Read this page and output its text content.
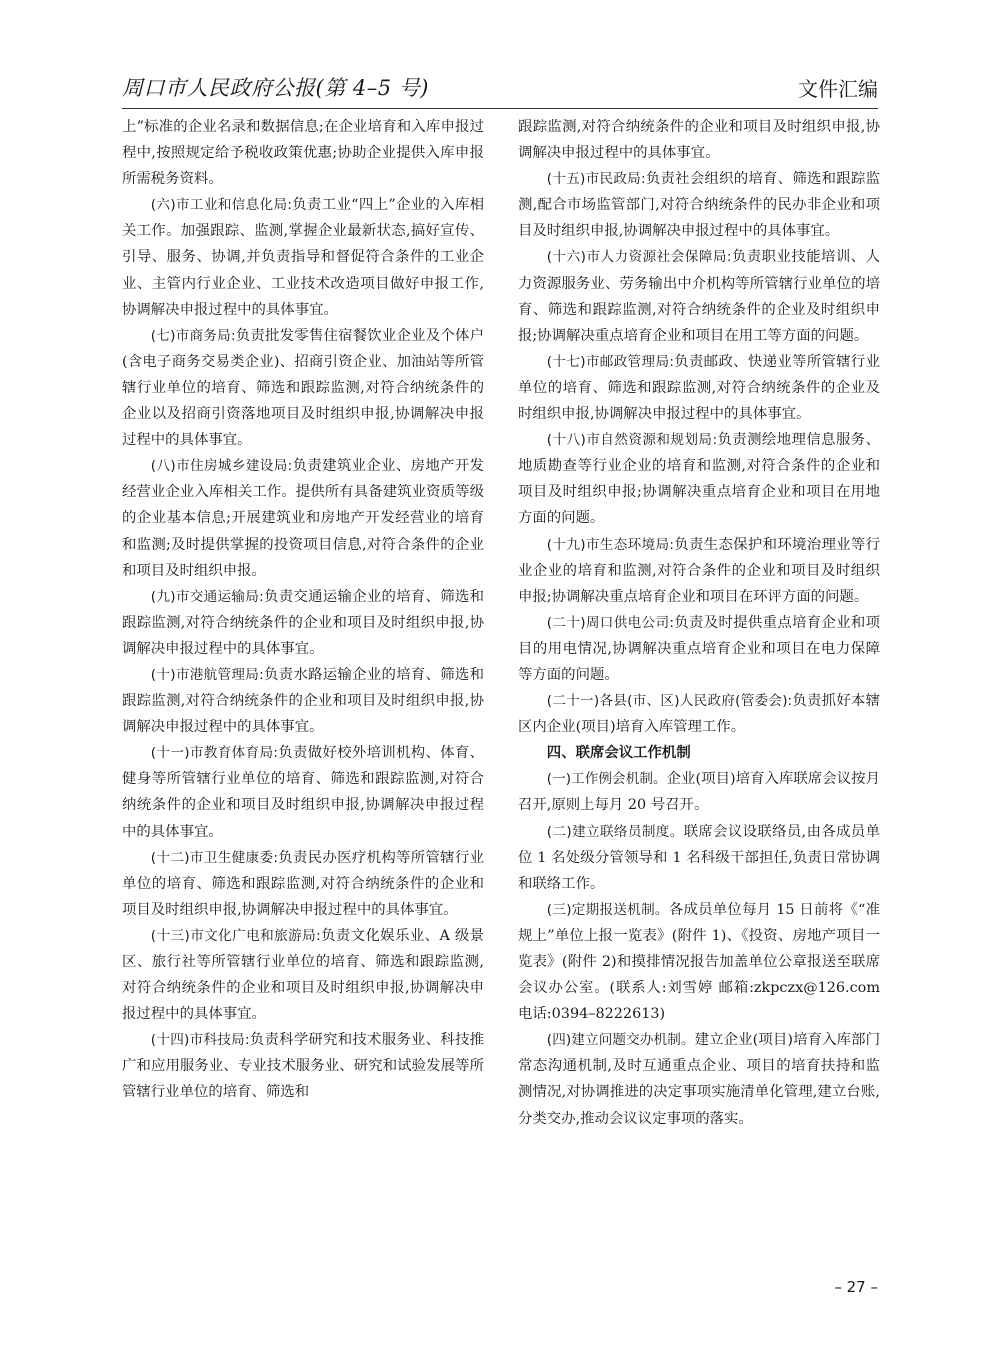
周口市人民政府公报(第 4–5 号)	文件汇编

上”标准的企业名录和数据信息;在企业培育和入库申报过程中,按照规定给予税收政策优惠;协助企业提供入库申报所需税务资料。

(六)市工业和信息化局:负责工业“四上”企业的入库相关工作。加强跟踪、监测,掌握企业最新状态,搞好宣传、引导、服务、协调,并负责指导和督促符合条件的工业企业、主管内行业企业、工业技术改造项目做好申报工作,协调解决申报过程中的具体事宜。

(七)市商务局:负责批发零售住宿餐饮业企业及个体户(含电子商务交易类企业)、招商引资企业、加油站等所管辖行业单位的培育、筛选和跟踪监测,对符合纳统条件的企业以及招商引资落地项目及时组织申报,协调解决申报过程中的具体事宜。

(八)市住房城乡建设局:负责建筑业企业、房地产开发经营业企业入库相关工作。提供所有具备建筑业资质等级的企业基本信息;开展建筑业和房地产开发经营业的培育和监测;及时提供掌握的投资项目信息,对符合条件的企业和项目及时组织申报。

(九)市交通运输局:负责交通运输企业的培育、筛选和跟踪监测,对符合纳统条件的企业和项目及时组织申报,协调解决申报过程中的具体事宜。

(十)市港航管理局:负责水路运输企业的培育、筛选和跟踪监测,对符合纳统条件的企业和项目及时组织申报,协调解决申报过程中的具体事宜。

(十一)市教育体育局:负责做好校外培训机构、体育、健身等所管辖行业单位的培育、筛选和跟踪监测,对符合纳统条件的企业和项目及时组织申报,协调解决申报过程中的具体事宜。

(十二)市卫生健康委:负责民办医疗机构等所管辖行业单位的培育、筛选和跟踪监测,对符合纳统条件的企业和项目及时组织申报,协调解决申报过程中的具体事宜。

(十三)市文化广电和旅游局:负责文化娱乐业、A 级景区、旅行社等所管辖行业单位的培育、筛选和跟踪监测,对符合纳统条件的企业和项目及时组织申报,协调解决申报过程中的具体事宜。

(十四)市科技局:负责科学研究和技术服务业、科技推广和应用服务业、专业技术服务业、研究和试验发展等所管辖行业单位的培育、筛选和

跟踪监测,对符合纳统条件的企业和项目及时组织申报,协调解决申报过程中的具体事宜。

(十五)市民政局:负责社会组织的培育、筛选和跟踪监测,配合市场监管部门,对符合纳统条件的民办非企业和项目及时组织申报,协调解决申报过程中的具体事宜。

(十六)市人力资源社会保障局:负责职业技能培训、人力资源服务业、劳务输出中介机构等所管辖行业单位的培育、筛选和跟踪监测,对符合纳统条件的企业及时组织申报;协调解决重点培育企业和项目在用工等方面的问题。

(十七)市邮政管理局:负责邮政、快递业等所管辖行业单位的培育、筛选和跟踪监测,对符合纳统条件的企业及时组织申报,协调解决申报过程中的具体事宜。

(十八)市自然资源和规划局:负责测绘地理信息服务、地质勘查等行业企业的培育和监测,对符合条件的企业和项目及时组织申报;协调解决重点培育企业和项目在用地方面的问题。

(十九)市生态环境局:负责生态保护和环境治理业等行业企业的培育和监测,对符合条件的企业和项目及时组织申报;协调解决重点培育企业和项目在环评方面的问题。

(二十)周口供电公司:负责及时提供重点培育企业和项目的用电情况,协调解决重点培育企业和项目在电力保障等方面的问题。

(二十一)各县(市、区)人民政府(管委会):负责抓好本辖区内企业(项目)培育入库管理工作。

四、联席会议工作机制

(一)工作例会机制。企业(项目)培育入库联席会议按月召开,原则上每月 20 号召开。

(二)建立联络员制度。联席会议设联络员,由各成员单位 1 名处级分管领导和 1 名科级干部担任,负责日常协调和联络工作。

(三)定期报送机制。各成员单位每月 15 日前将《“准规上”单位上报一览表》(附件 1)、《投资、房地产项目一览表》(附件 2)和摸排情况报告加盖单位公章报送至联席会议办公室。(联系人:刘雪婷 邮箱:zkpczx@126.com 电话:0394–8222613)

(四)建立问题交办机制。建立企业(项目)培育入库部门常态沟通机制,及时互通重点企业、项目的培育扶持和监测情况,对协调推进的决定事项实施清单化管理,建立台账,分类交办,推动会议议定事项的落实。

– 27 –
